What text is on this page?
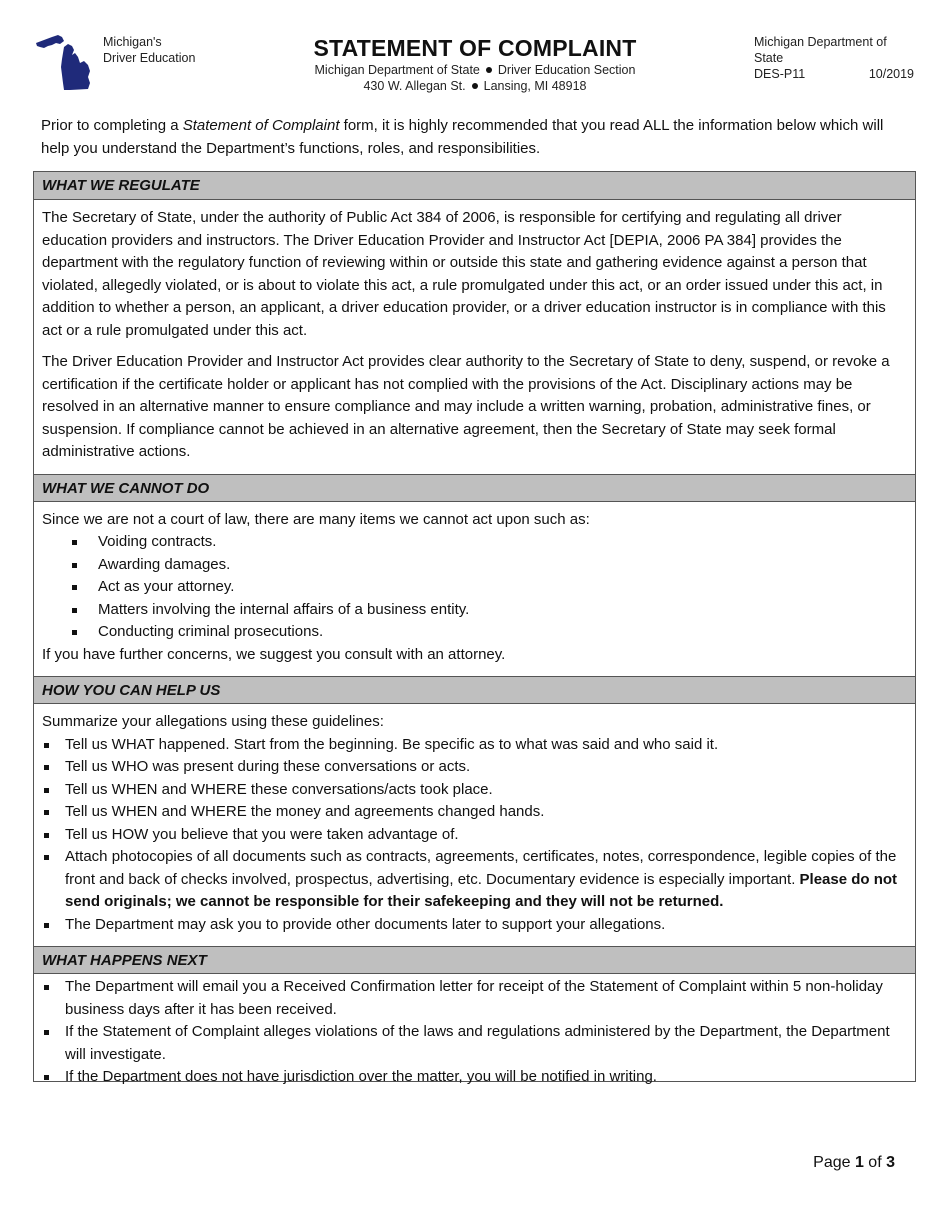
Michigan's
Driver Education	STATEMENT OF COMPLAINT
Michigan Department of State Driver Education Section
430 W. Allegan St. Lansing, MI 48918
Michigan Department of State
DES-P11	10/2019
Prior to completing a Statement of Complaint form, it is highly recommended that you read ALL the information below which will help you understand the Department’s functions, roles, and responsibilities.
WHAT WE REGULATE

The Secretary of State, under the authority of Public Act 384 of 2006, is responsible for certifying and regulating all driver education providers and instructors. The Driver Education Provider and Instructor Act [DEPIA, 2006 PA 384] provides the department with the regulatory function of reviewing within or outside this state and gathering evidence against a person that violated, allegedly violated, or is about to violate this act, a rule promulgated under this act, or an order issued under this act, in addition to whether a person, an applicant, a driver education provider, or a driver education instructor is in compliance with this act or a rule promulgated under this act.

The Driver Education Provider and Instructor Act provides clear authority to the Secretary of State to deny, suspend, or revoke a certification if the certificate holder or applicant has not complied with the provisions of the Act. Disciplinary actions may be resolved in an alternative manner to ensure compliance and may include a written warning, probation, administrative fines, or suspension. If compliance cannot be achieved in an alternative agreement, then the Secretary of State may seek formal administrative actions.

WHAT WE CANNOT DO
Since we are not a court of law, there are many items we cannot act upon such as:
Voiding contracts.
Awarding damages.
Act as your attorney.
Matters involving the internal affairs of a business entity.
Conducting criminal prosecutions.
If you have further concerns, we suggest you consult with an attorney.
HOW YOU CAN HELP US
Summarize your allegations using these guidelines:
Tell us WHAT happened. Start from the beginning. Be specific as to what was said and who said it.
Tell us WHO was present during these conversations or acts.
Tell us WHEN and WHERE these conversations/acts took place.
Tell us WHEN and WHERE the money and agreements changed hands.
Tell us HOW you believe that you were taken advantage of.
Attach photocopies of all documents such as contracts, agreements, certificates, notes, correspondence, legible copies of the front and back of checks involved, prospectus, advertising, etc. Documentary evidence is especially important. Please do not send originals; we cannot be responsible for their safekeeping and they will not be returned.
The Department may ask you to provide other documents later to support your allegations.
WHAT HAPPENS NEXT
The Department will email you a Received Confirmation letter for receipt of the Statement of Complaint within 5 non-holiday business days after it has been received.
If the Statement of Complaint alleges violations of the laws and regulations administered by the Department, the Department will investigate.
If the Department does not have jurisdiction over the matter, you will be notified in writing.
Page 1 of 3
